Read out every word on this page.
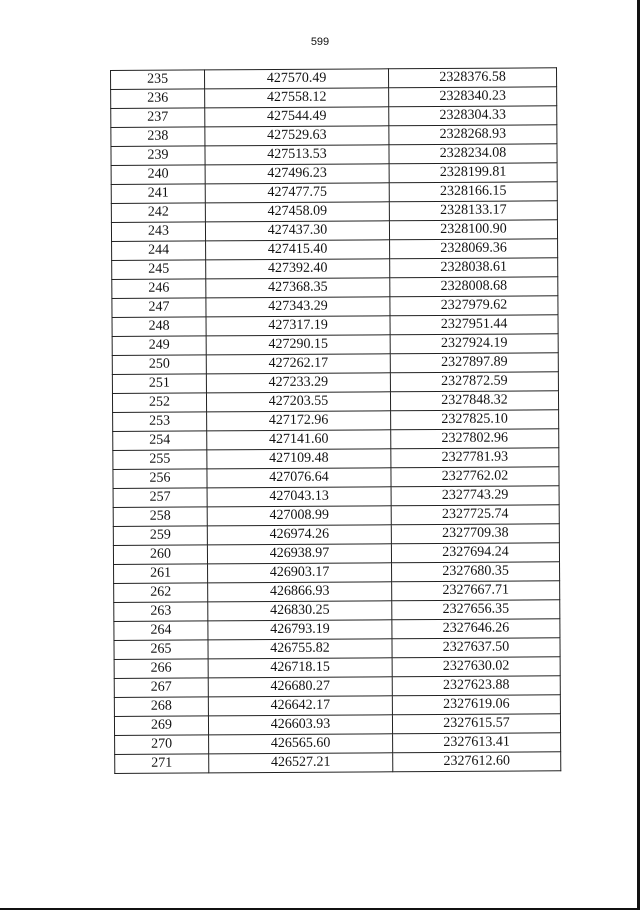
599
235	427570.49	2328376.58
236	427558.12	2328340.23
237	427544.49	2328304.33
238	427529.63	2328268.93
239	427513.53	2328234.08
240	427496.23	2328199.81
241	427477.75	2328166.15
242	427458.09	2328133.17
243	427437.30	2328100.90
244	427415.40	2328069.36
245	427392.40	2328038.61
246	427368.35	2328008.68
247	427343.29	2327979.62
248	427317.19	2327951.44
249	427290.15	2327924.19
250	427262.17	2327897.89
251	427233.29	2327872.59
252	427203.55	2327848.32
253	427172.96	2327825.10
254	427141.60	2327802.96
255	427109.48	2327781.93
256	427076.64	2327762.02
257	427043.13	2327743.29
258	427008.99	2327725.74
259	426974.26	2327709.38
260	426938.97	2327694.24
261	426903.17	2327680.35
262	426866.93	2327667.71
263	426830.25	2327656.35
264	426793.19	2327646.26
265	426755.82	2327637.50
266	426718.15	2327630.02
267	426680.27	2327623.88
268	426642.17	2327619.06
269	426603.93	2327615.57
270	426565.60	2327613.41
271	426527.21	2327612.60
